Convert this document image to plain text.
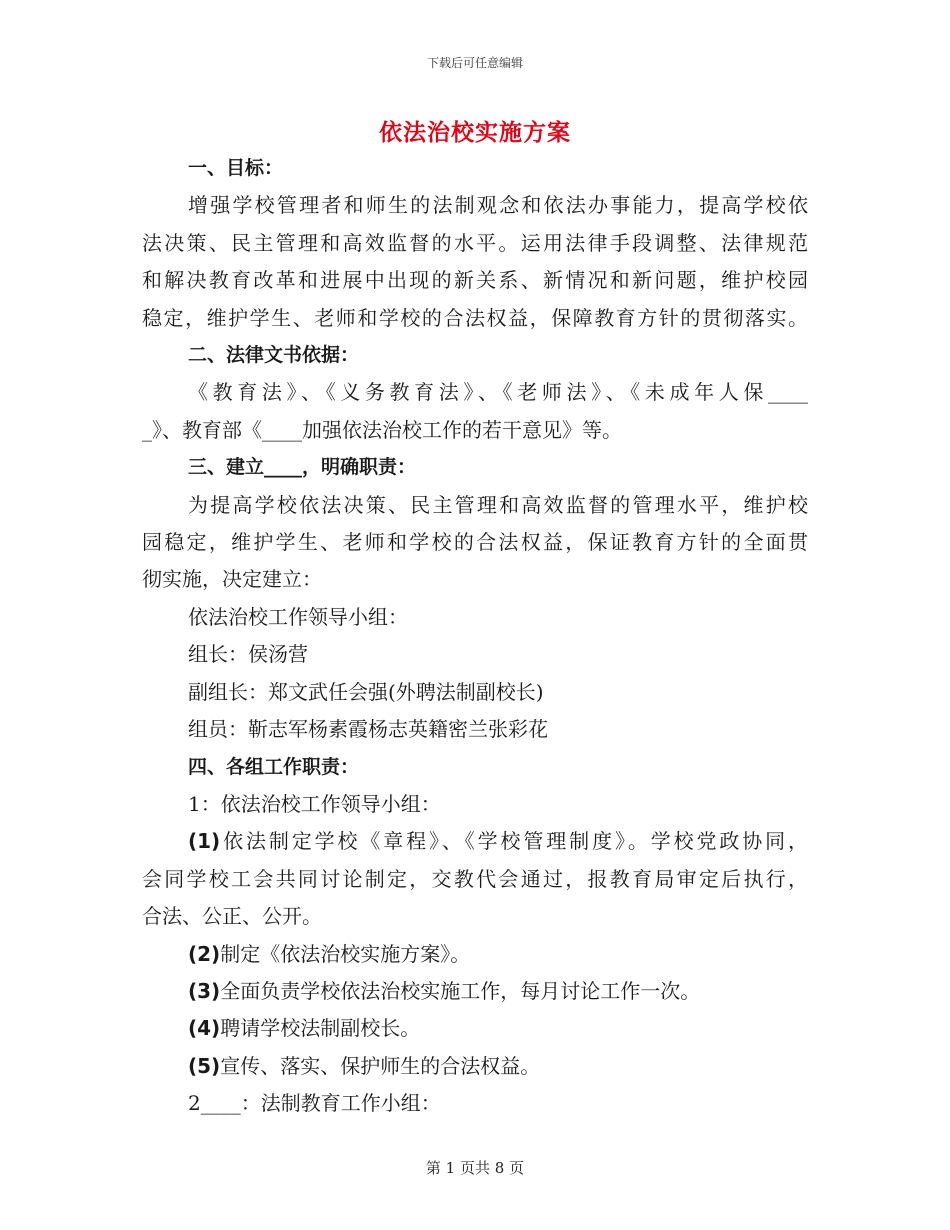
下载后可任意编辑
依法治校实施方案
一、目标：
增强学校管理者和师生的法制观念和依法办事能力，提高学校依
法决策、民主管理和高效监督的水平。运用法律手段调整、法律规范
和解决教育改革和进展中出现的新关系、新情况和新问题，维护校园
稳定，维护学生、老师和学校的合法权益，保障教育方针的贯彻落实。
二、法律文书依据：
《教育法》、《义务教育法》、《老师法》、《未成年人保____
_》、教育部《____加强依法治校工作的若干意见》等。
三、建立____，明确职责：
为提高学校依法决策、民主管理和高效监督的管理水平，维护校
园稳定，维护学生、老师和学校的合法权益，保证教育方针的全面贯
彻实施，决定建立：
依法治校工作领导小组：
组长：侯汤营
副组长：郑文武任会强(外聘法制副校长)
组员：靳志军杨素霞杨志英籍密兰张彩花
四、各组工作职责：
1：依法治校工作领导小组：
(1)依法制定学校《章程》、《学校管理制度》。学校党政协同，
会同学校工会共同讨论制定，交教代会通过，报教育局审定后执行，
合法、公正、公开。
(2)制定《依法治校实施方案》。
(3)全面负责学校依法治校实施工作，每月讨论工作一次。
(4)聘请学校法制副校长。
(5)宣传、落实、保护师生的合法权益。
2____：法制教育工作小组：
第 1 页共 8 页
